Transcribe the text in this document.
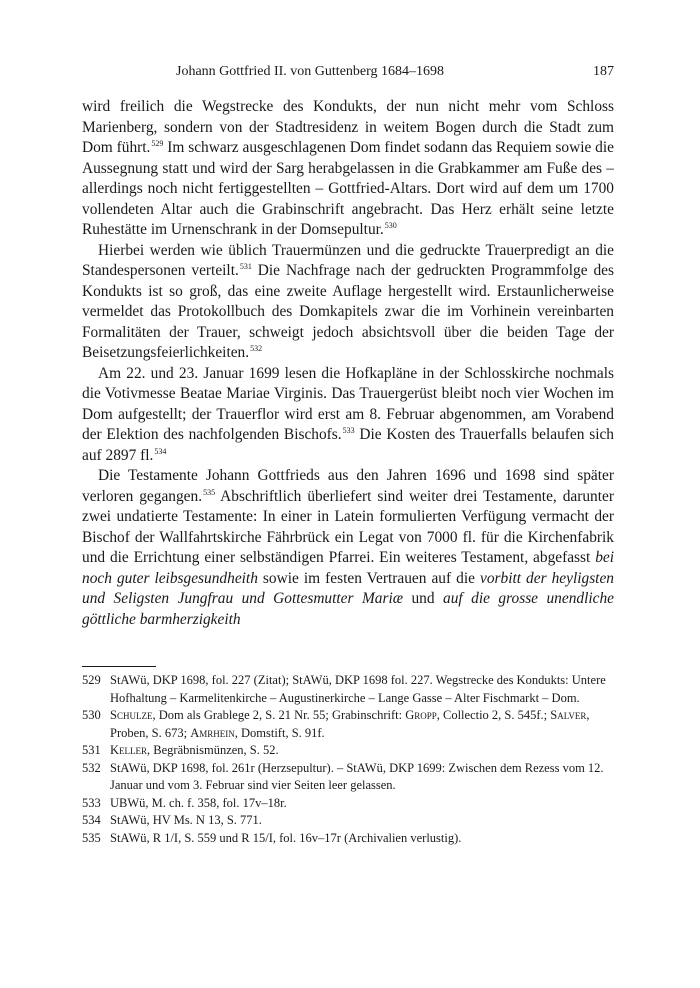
Johann Gottfried II. von Guttenberg 1684–1698	187

wird freilich die Wegstrecke des Kondukts, der nun nicht mehr vom Schloss Marienberg, sondern von der Stadtresidenz in weitem Bogen durch die Stadt zum Dom führt.$^{529}$ Im schwarz ausgeschlagenen Dom findet sodann das Requiem sowie die Aussegnung statt und wird der Sarg herabgelassen in die Grabkammer am Fuße des – allerdings noch nicht fertiggestellten – Gottfried-Altars. Dort wird auf dem um 1700 vollendeten Altar auch die Grabinschrift angebracht. Das Herz erhält seine letzte Ruhestätte im Urnenschrank in der Domsepultur.$^{530}$

Hierbei werden wie üblich Trauermünzen und die gedruckte Trauerpredigt an die Standespersonen verteilt.$^{531}$ Die Nachfrage nach der gedruckten Programmfolge des Kondukts ist so groß, das eine zweite Auflage hergestellt wird. Erstaunlicherweise vermeldet das Protokollbuch des Domkapitels zwar die im Vorhinein vereinbarten Formalitäten der Trauer, schweigt jedoch absichtsvoll über die beiden Tage der Beisetzungsfeierlichkeiten.$^{532}$

Am 22. und 23. Januar 1699 lesen die Hofkapläne in der Schlosskirche nochmals die Votivmesse Beatae Mariae Virginis. Das Trauergerüst bleibt noch vier Wochen im Dom aufgestellt; der Trauerflor wird erst am 8. Februar abgenommen, am Vorabend der Elektion des nachfolgenden Bischofs.$^{533}$ Die Kosten des Trauerfalls belaufen sich auf 2897 fl.$^{534}$

Die Testamente Johann Gottfrieds aus den Jahren 1696 und 1698 sind später verloren gegangen.$^{535}$ Abschriftlich überliefert sind weiter drei Testamente, darunter zwei undatierte Testamente: In einer in Latein formulierten Verfügung vermacht der Bischof der Wallfahrtskirche Fährbrück ein Legat von 7000 fl. für die Kirchenfabrik und die Errichtung einer selbständigen Pfarrei. Ein weiteres Testament, abgefasst bei noch guter leibsgesundheith sowie im festen Vertrauen auf die vorbitt der heyligsten und Seligsten Jungfrau und Gottesmutter Mariæ und auf die grosse unendliche göttliche barmherzigkeith

529 StAWü, DKP 1698, fol. 227 (Zitat); StAWü, DKP 1698 fol. 227. Wegstrecke des Kondukts: Untere Hofhaltung – Karmelitenkirche – Augustinerkirche – Lange Gasse – Alter Fischmarkt – Dom.
530 Schulze, Dom als Grablege 2, S. 21 Nr. 55; Grabinschrift: Gropp, Collectio 2, S. 545f.; Salver, Proben, S. 673; Amrhein, Domstift, S. 91f.
531 Keller, Begräbnismünzen, S. 52.
532 StAWü, DKP 1698, fol. 261r (Herzsepultur). – StAWü, DKP 1699: Zwischen dem Rezess vom 12. Januar und vom 3. Februar sind vier Seiten leer gelassen.
533 UBWü, M. ch. f. 358, fol. 17v–18r.
534 StAWü, HV Ms. N 13, S. 771.
535 StAWü, R 1/I, S. 559 und R 15/I, fol. 16v–17r (Archivalien verlustig).
